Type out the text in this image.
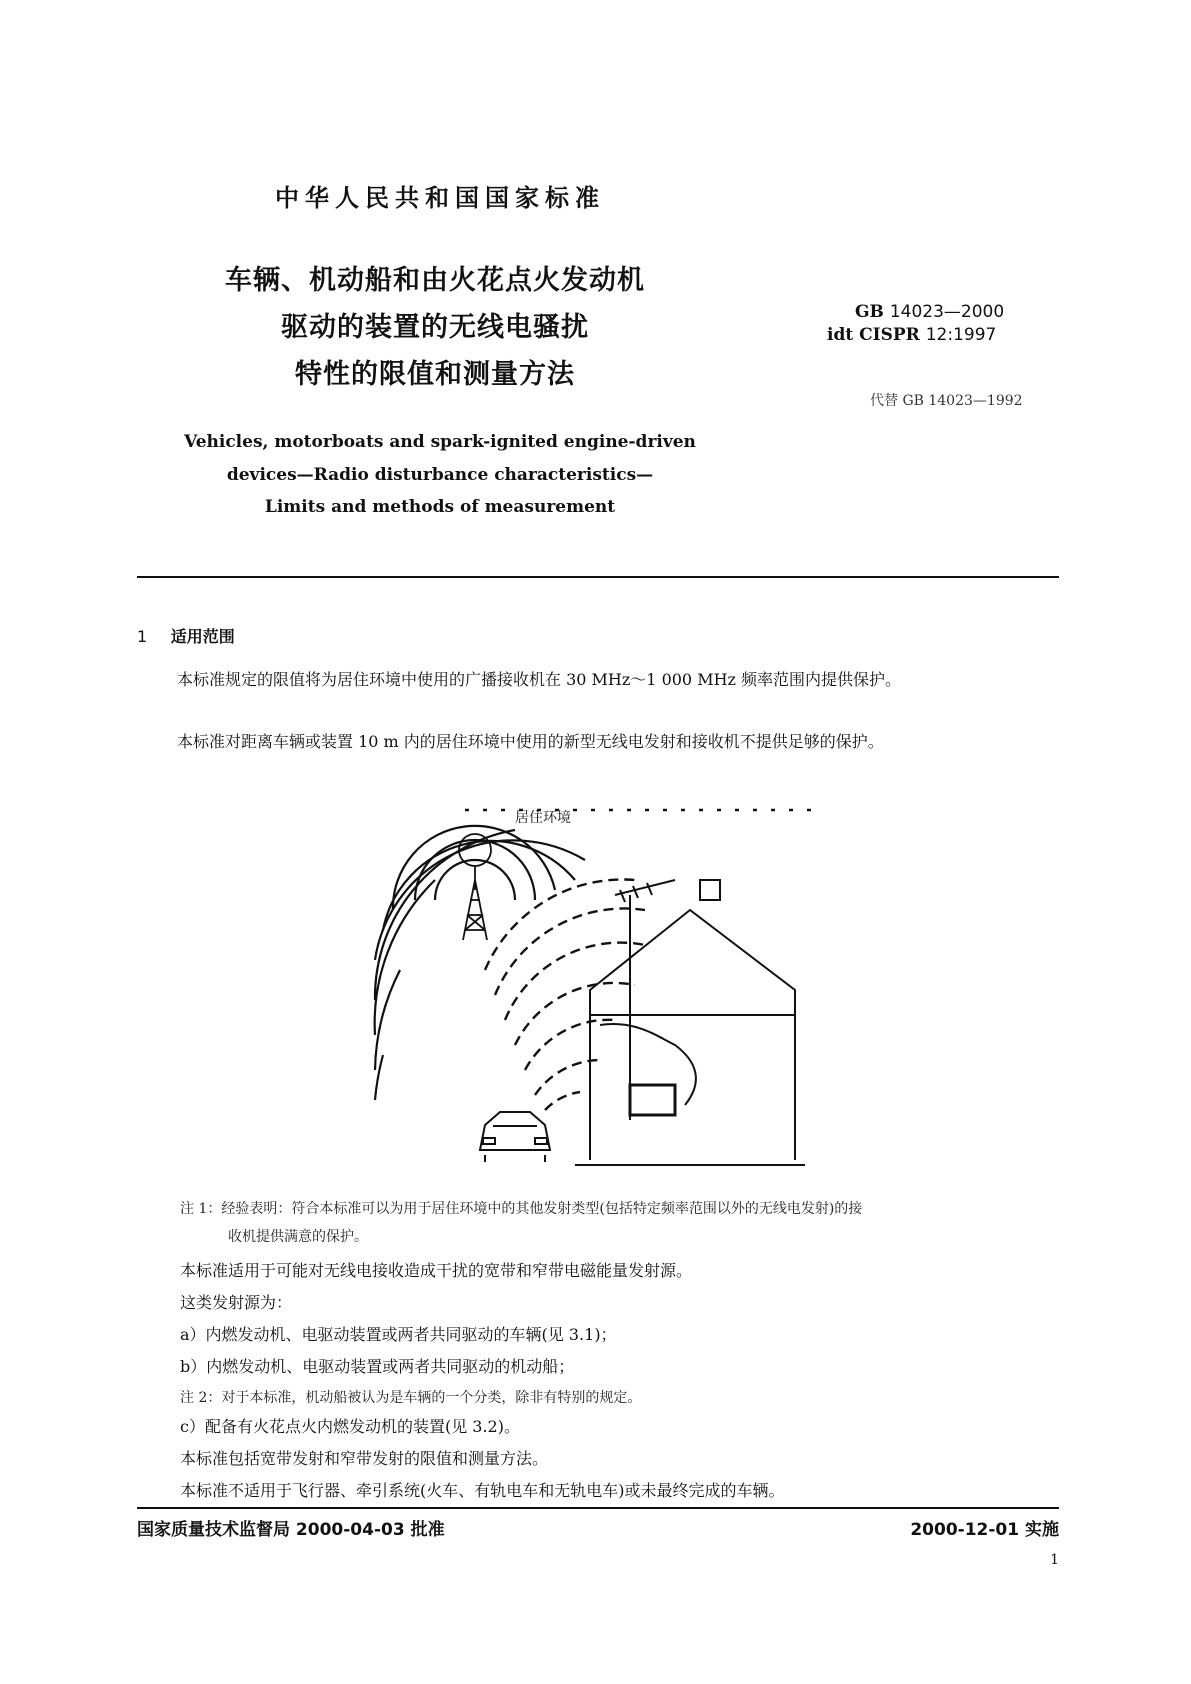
中华人民共和国国家标准
车辆、机动船和由火花点火发动机
驱动的装置的无线电骚扰
特性的限值和测量方法
GB 14023—2000
idt CISPR 12:1997
代替 GB 14023—1992
Vehicles, motorboats and spark-ignited engine-driven
devices—Radio disturbance characteristics—
Limits and methods of measurement
1 适用范围
本标准规定的限值将为居住环境中使用的广播接收机在 30 MHz～1 000 MHz 频率范围内提供保护。
本标准对距离车辆或装置 10 m 内的居住环境中使用的新型无线电发射和接收机不提供足够的保护。
居住环境
注 1：经验表明：符合本标准可以为用于居住环境中的其他发射类型(包括特定频率范围以外的无线电发射)的接
收机提供满意的保护。
本标准适用于可能对无线电接收造成干扰的宽带和窄带电磁能量发射源。
这类发射源为：
a）内燃发动机、电驱动装置或两者共同驱动的车辆(见 3.1)；
b）内燃发动机、电驱动装置或两者共同驱动的机动船；
注 2：对于本标准，机动船被认为是车辆的一个分类，除非有特别的规定。
c）配备有火花点火内燃发动机的装置(见 3.2)。
本标准包括宽带发射和窄带发射的限值和测量方法。
本标准不适用于飞行器、牵引系统(火车、有轨电车和无轨电车)或未最终完成的车辆。
国家质量技术监督局 2000-04-03 批准	2000-12-01 实施
1
